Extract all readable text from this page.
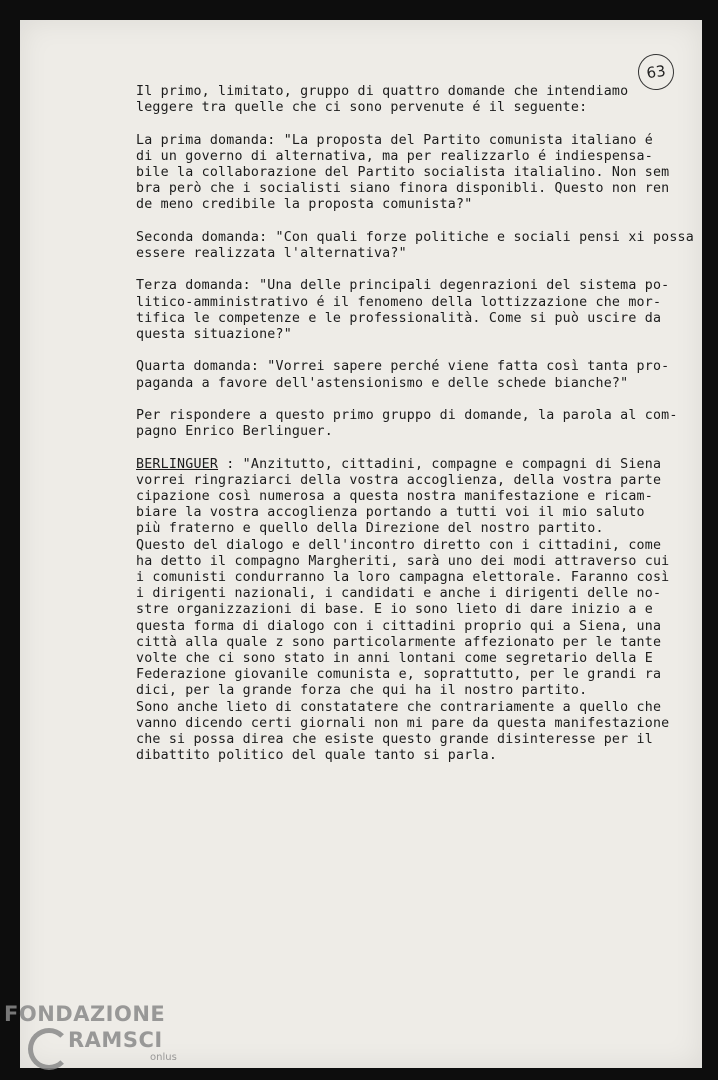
63

Il primo, limitato, gruppo di quattro domande che intendiamo
leggere tra quelle che ci sono pervenute é il seguente:

La prima domanda: "La proposta del Partito comunista italiano é
di un governo di alternativa, ma per realizzarlo é indiespensa-
bile la collaborazione del Partito socialista italialino. Non sem
bra però che i socialisti siano finora disponibli. Questo non ren
de meno credibile la proposta comunista?"

Seconda domanda: "Con quali forze politiche e sociali pensi xi possa
essere realizzata l'alternativa?"

Terza domanda: "Una delle principali degenrazioni del sistema po-
litico-amministrativo é il fenomeno della lottizzazione che mor-
tifica le competenze e le professionalità. Come si può uscire da
questa situazione?"

Quarta domanda: "Vorrei sapere perché viene fatta così tanta pro-
paganda a favore dell'astensionismo e delle schede bianche?"

Per rispondere a questo primo gruppo di domande, la parola al com-
pagno Enrico Berlinguer.

BERLINGUER : "Anzitutto, cittadini, compagne e compagni di Siena
vorrei ringraziarci della vostra accoglienza, della vostra parte
cipazione così numerosa a questa nostra manifestazione e ricam-
biare la vostra accoglienza portando a tutti voi il mio saluto
più fraterno e quello della Direzione del nostro partito.
Questo del dialogo e dell'incontro diretto con i cittadini, come
ha detto il compagno Margheriti, sarà uno dei modi attraverso cui
i comunisti condurranno la loro campagna elettorale. Faranno così
i dirigenti nazionali, i candidati e anche i dirigenti delle no-
stre organizzazioni di base. E io sono lieto di dare inizio a e
questa forma di dialogo con i cittadini proprio qui a Siena, una
città alla quale z sono particolarmente affezionato per le tante
volte che ci sono stato in anni lontani come segretario della E
Federazione giovanile comunista e, soprattutto, per le grandi ra
dici, per la grande forza che qui ha il nostro partito.
Sono anche lieto di constatatere che contrariamente a quello che
vanno dicendo certi giornali non mi pare da questa manifestazione
che si possa direa che esiste questo grande disinteresse per il
dibattito politico del quale tanto si parla.

FONDAZIONE
RAMSCI
onlus
